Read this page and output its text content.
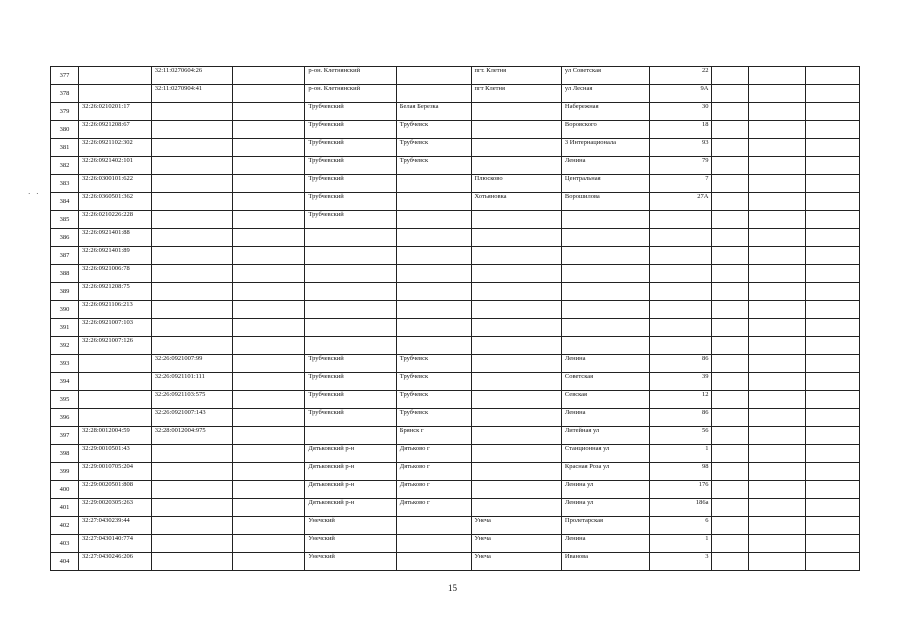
· ·
377		32:11:0270604:26		р-он. Клетнянский		пгт. Клетня	ул Советская	22			
378		32:11:0270904:41		р-он. Клетнянский		пгт Клетня	ул Лесная	9А			
379	32:26:0210201:17			Трубчевский	Белая Березка		Набережная	30			
380	32:26:0921208:67			Трубчевский	Трубчевск		Воровского	18			
381	32:26:0921102:302			Трубчевский	Трубчевск		3 Интернационала	93			
382	32:26:0921402:101			Трубчевский	Трубчевск		Ленина	79			
383	32:26:0300101:622			Трубчевский		Плюсково	Центральная	7			
384	32:26:0360501:362			Трубчевский		Хотьяновка	Ворошилова	27А			
385	32:26:0210226:228			Трубчевский							
386	32:26:0921401:88										
387	32:26:0921401:89										
388	32:26:0921006:78										
389	32:26:0921208:75										
390	32:26:0921106:213										
391	32:26:0921007:103										
392	32:26:0921007:126										
393		32:26:0921007:99		Трубчевский	Трубчевск		Ленина	86			
394		32:26:0921101:111		Трубчевский	Трубчевск		Советская	39			
395		32:26:0921103:575		Трубчевский	Трубчевск		Севская	12			
396		32:26:0921007:143		Трубчевский	Трубчевск		Ленина	86			
397	32:28:0012004:59	32:28:0012004:975			Брянск г		Литейная ул	56			
398	32:29:0010501:43			Дятьковский р-н	Дятьково г		Станционная ул	1			
399	32:29:0010705:204			Дятьковский р-н	Дятьково г		Красная Роза ул	98			
400	32:29:0020501:808			Дятьковский р-н	Дятьково г		Ленина ул	176			
401	32:29:0020305:263			Дятьковский р-н	Дятьково г		Ленина ул	186а			
402	32:27:0430239:44			Унечский		Унеча	Пролетарская	6			
403	32:27:0430140:774			Унечский		Унеча	Ленина	1			
404	32:27:0430246:206			Унечский		Унеча	Иванова	3			
15
